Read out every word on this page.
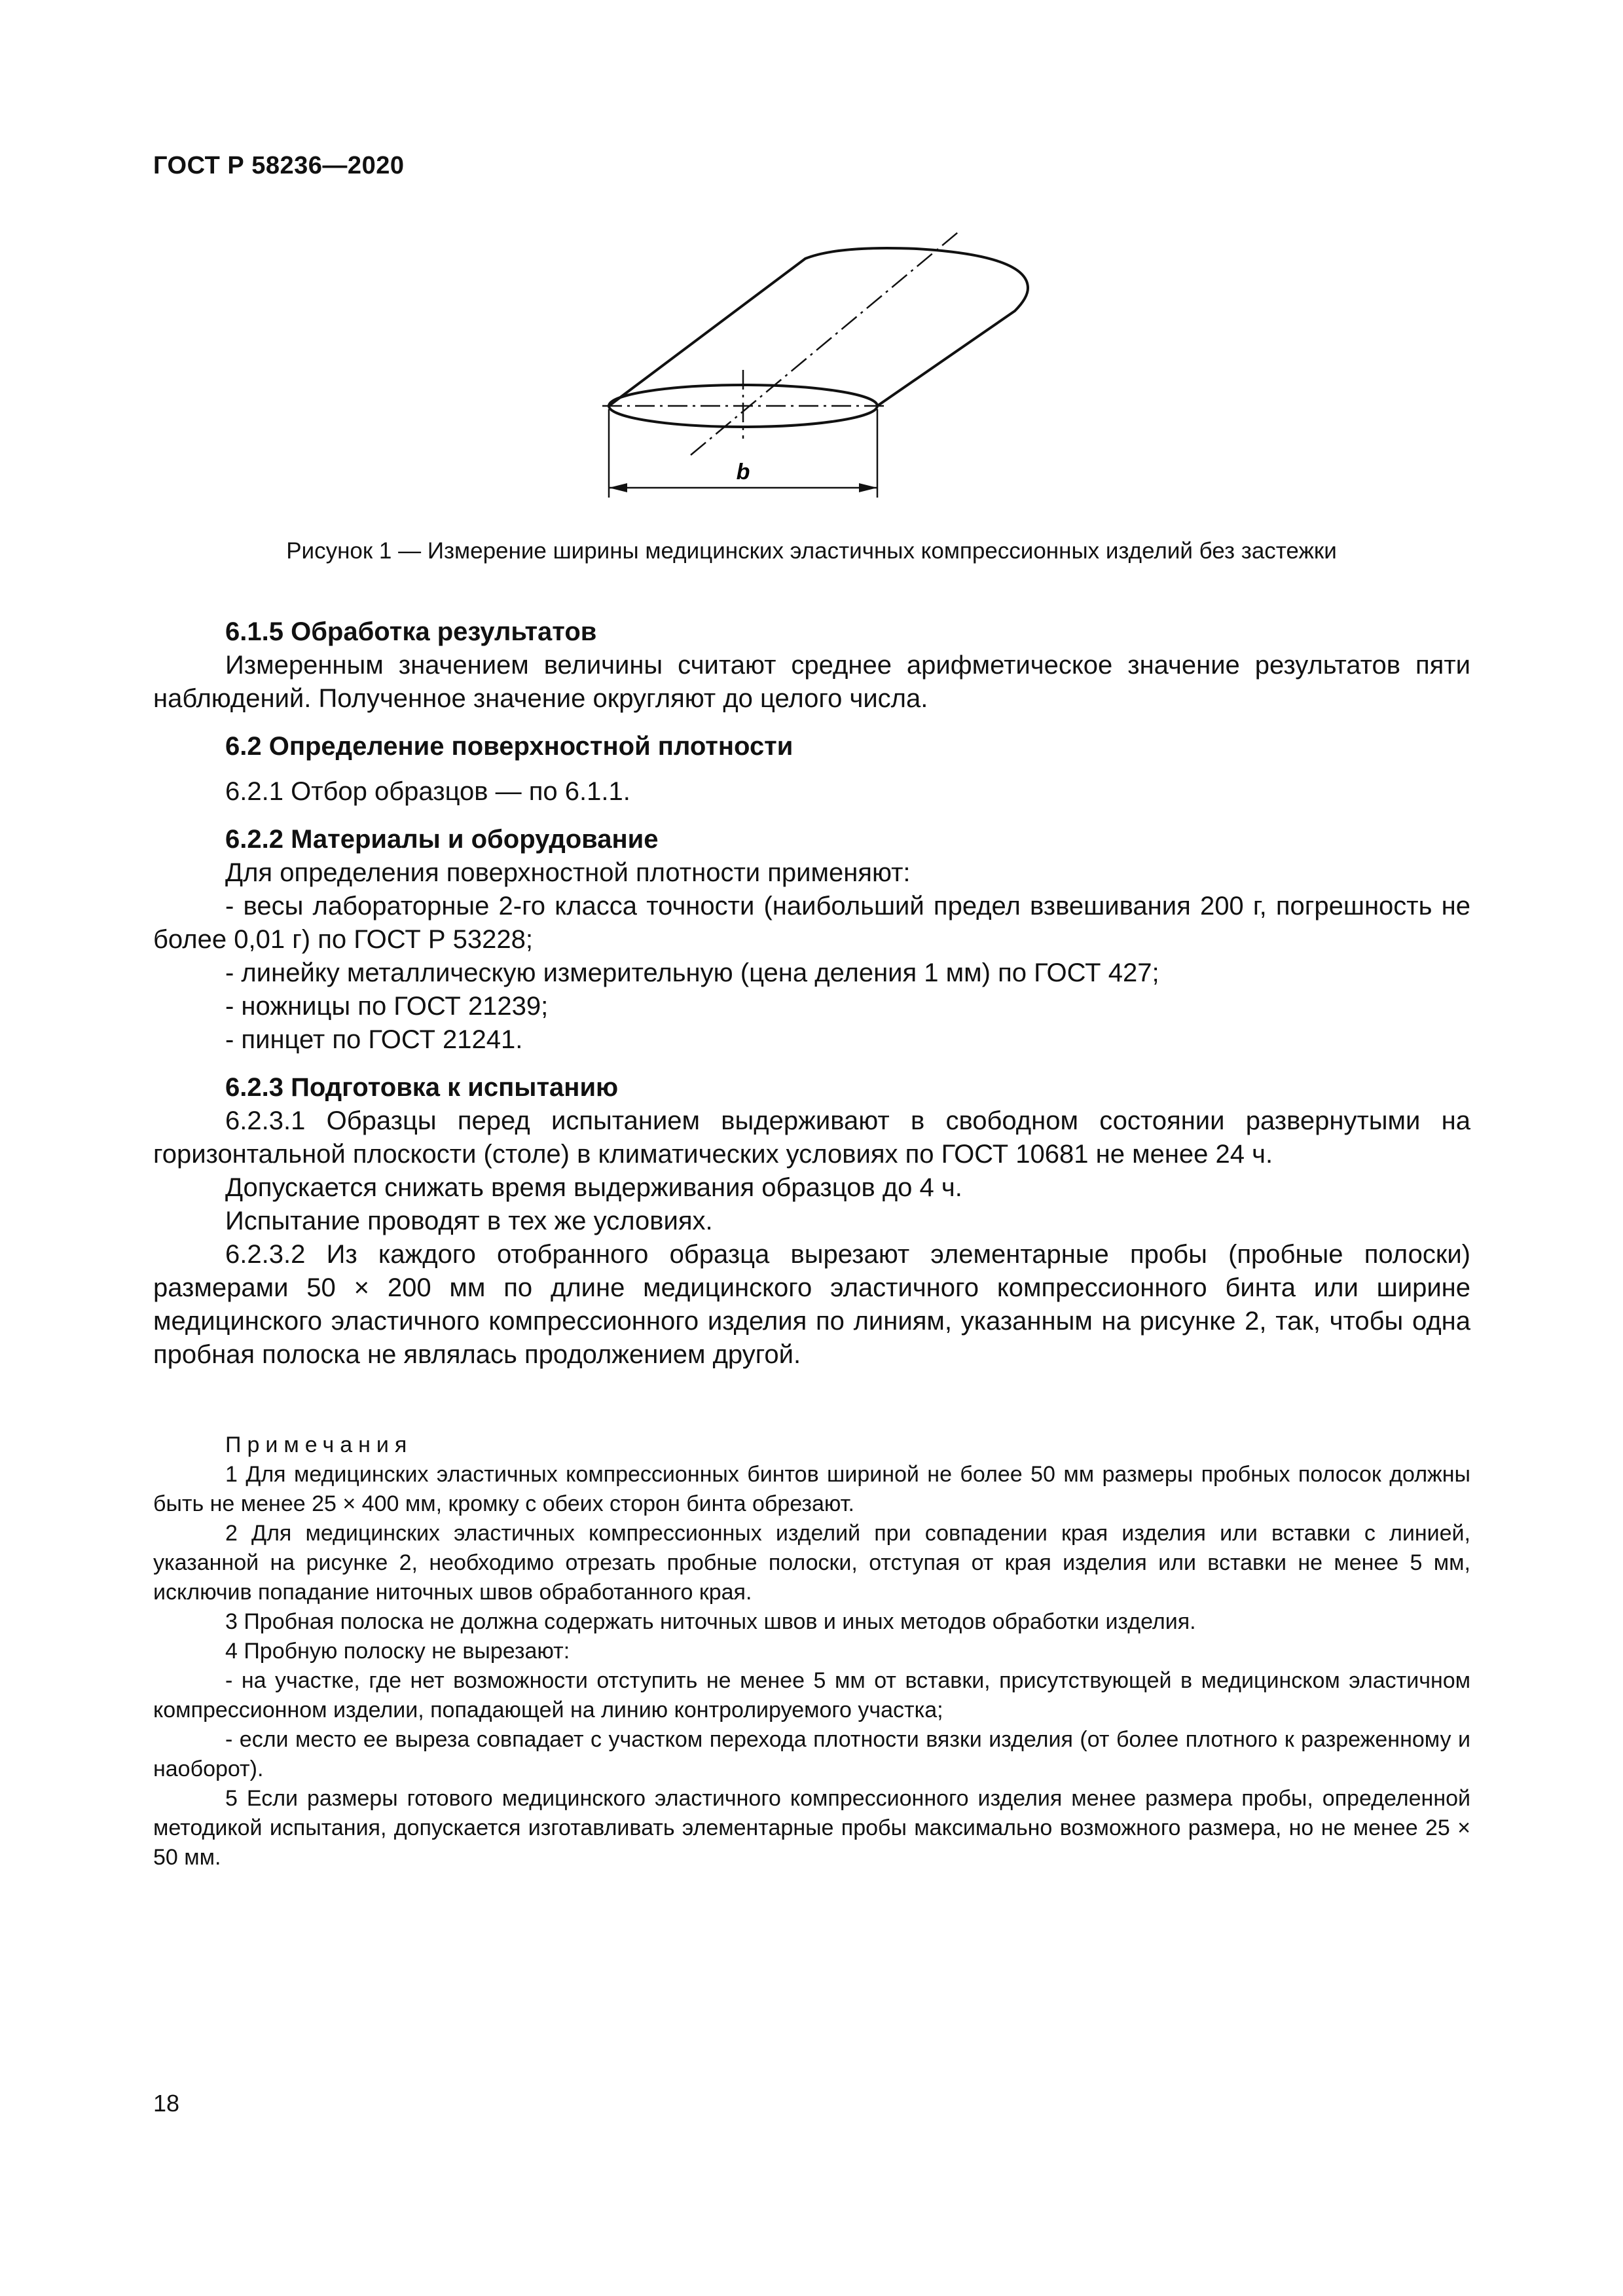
ГОСТ Р 58236—2020
b
Рисунок 1 — Измерение ширины медицинских эластичных компрессионных изделий без застежки
6.1.5 Обработка результатов
Измеренным значением величины считают среднее арифметическое значение результатов пяти наблюдений. Полученное значение округляют до целого числа.
6.2 Определение поверхностной плотности
6.2.1 Отбор образцов — по 6.1.1.
6.2.2 Материалы и оборудование
Для определения поверхностной плотности применяют:
- весы лабораторные 2-го класса точности (наибольший предел взвешивания 200 г, погрешность не более 0,01 г) по ГОСТ Р 53228;
- линейку металлическую измерительную (цена деления 1 мм) по ГОСТ 427;
- ножницы по ГОСТ 21239;
- пинцет по ГОСТ 21241.
6.2.3 Подготовка к испытанию
6.2.3.1 Образцы перед испытанием выдерживают в свободном состоянии развернутыми на горизонтальной плоскости (столе) в климатических условиях по ГОСТ 10681 не менее 24 ч.
Допускается снижать время выдерживания образцов до 4 ч.
Испытание проводят в тех же условиях.
6.2.3.2 Из каждого отобранного образца вырезают элементарные пробы (пробные полоски) размерами 50 × 200 мм по длине медицинского эластичного компрессионного бинта или ширине медицинского эластичного компрессионного изделия по линиям, указанным на рисунке 2, так, чтобы одна пробная полоска не являлась продолжением другой.
Примечания
1 Для медицинских эластичных компрессионных бинтов шириной не более 50 мм размеры пробных полосок должны быть не менее 25 × 400 мм, кромку с обеих сторон бинта обрезают.
2 Для медицинских эластичных компрессионных изделий при совпадении края изделия или вставки с линией, указанной на рисунке 2, необходимо отрезать пробные полоски, отступая от края изделия или вставки не менее 5 мм, исключив попадание ниточных швов обработанного края.
3 Пробная полоска не должна содержать ниточных швов и иных методов обработки изделия.
4 Пробную полоску не вырезают:
- на участке, где нет возможности отступить не менее 5 мм от вставки, присутствующей в медицинском эластичном компрессионном изделии, попадающей на линию контролируемого участка;
- если место ее выреза совпадает с участком перехода плотности вязки изделия (от более плотного к разреженному и наоборот).
5 Если размеры готового медицинского эластичного компрессионного изделия менее размера пробы, определенной методикой испытания, допускается изготавливать элементарные пробы максимально возможного размера, но не менее 25 × 50 мм.
18
